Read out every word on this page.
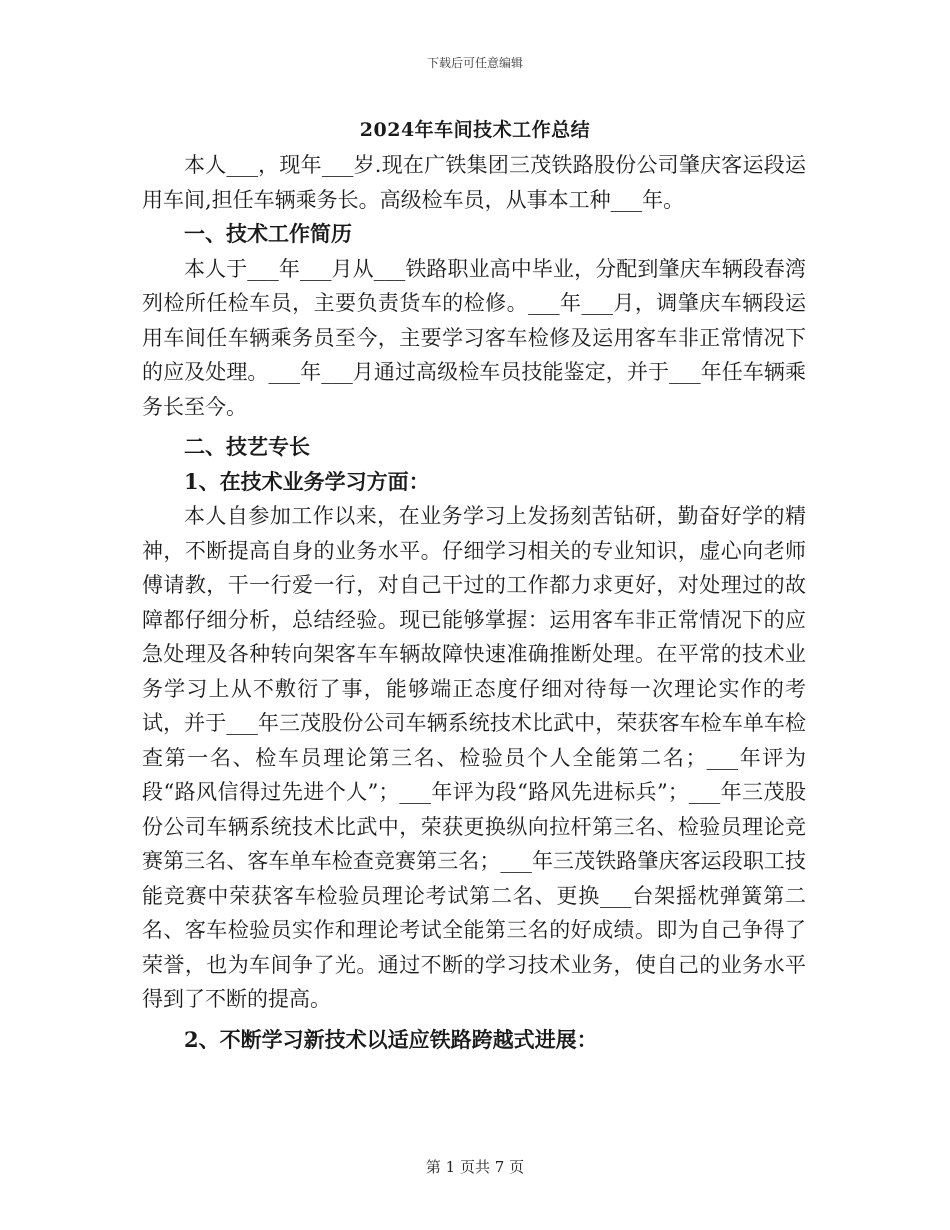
下载后可任意编辑
2024年车间技术工作总结

本人___，现年___岁.现在广铁集团三茂铁路股份公司肇庆客运段运用车间,担任车辆乘务长。高级检车员，从事本工种___年。

一、技术工作简历

本人于___年___月从___铁路职业高中毕业，分配到肇庆车辆段春湾列检所任检车员，主要负责货车的检修。___年___月，调肇庆车辆段运用车间任车辆乘务员至今，主要学习客车检修及运用客车非正常情况下的应及处理。___年___月通过高级检车员技能鉴定，并于___年任车辆乘务长至今。

二、技艺专长

1、在技术业务学习方面：

本人自参加工作以来，在业务学习上发扬刻苦钻研，勤奋好学的精神，不断提高自身的业务水平。仔细学习相关的专业知识，虚心向老师傅请教，干一行爱一行，对自己干过的工作都力求更好，对处理过的故障都仔细分析，总结经验。现已能够掌握：运用客车非正常情况下的应急处理及各种转向架客车车辆故障快速准确推断处理。在平常的技术业务学习上从不敷衍了事，能够端正态度仔细对待每一次理论实作的考试，并于___年三茂股份公司车辆系统技术比武中，荣获客车检车单车检查第一名、检车员理论第三名、检验员个人全能第二名；___年评为段“路风信得过先进个人”；___年评为段“路风先进标兵”；___年三茂股份公司车辆系统技术比武中，荣获更换纵向拉杆第三名、检验员理论竞赛第三名、客车单车检查竞赛第三名；___年三茂铁路肇庆客运段职工技能竞赛中荣获客车检验员理论考试第二名、更换___台架摇枕弹簧第二名、客车检验员实作和理论考试全能第三名的好成绩。即为自己争得了荣誉，也为车间争了光。通过不断的学习技术业务，使自己的业务水平得到了不断的提高。

2、不断学习新技术以适应铁路跨越式进展：

第 1 页共 7 页
